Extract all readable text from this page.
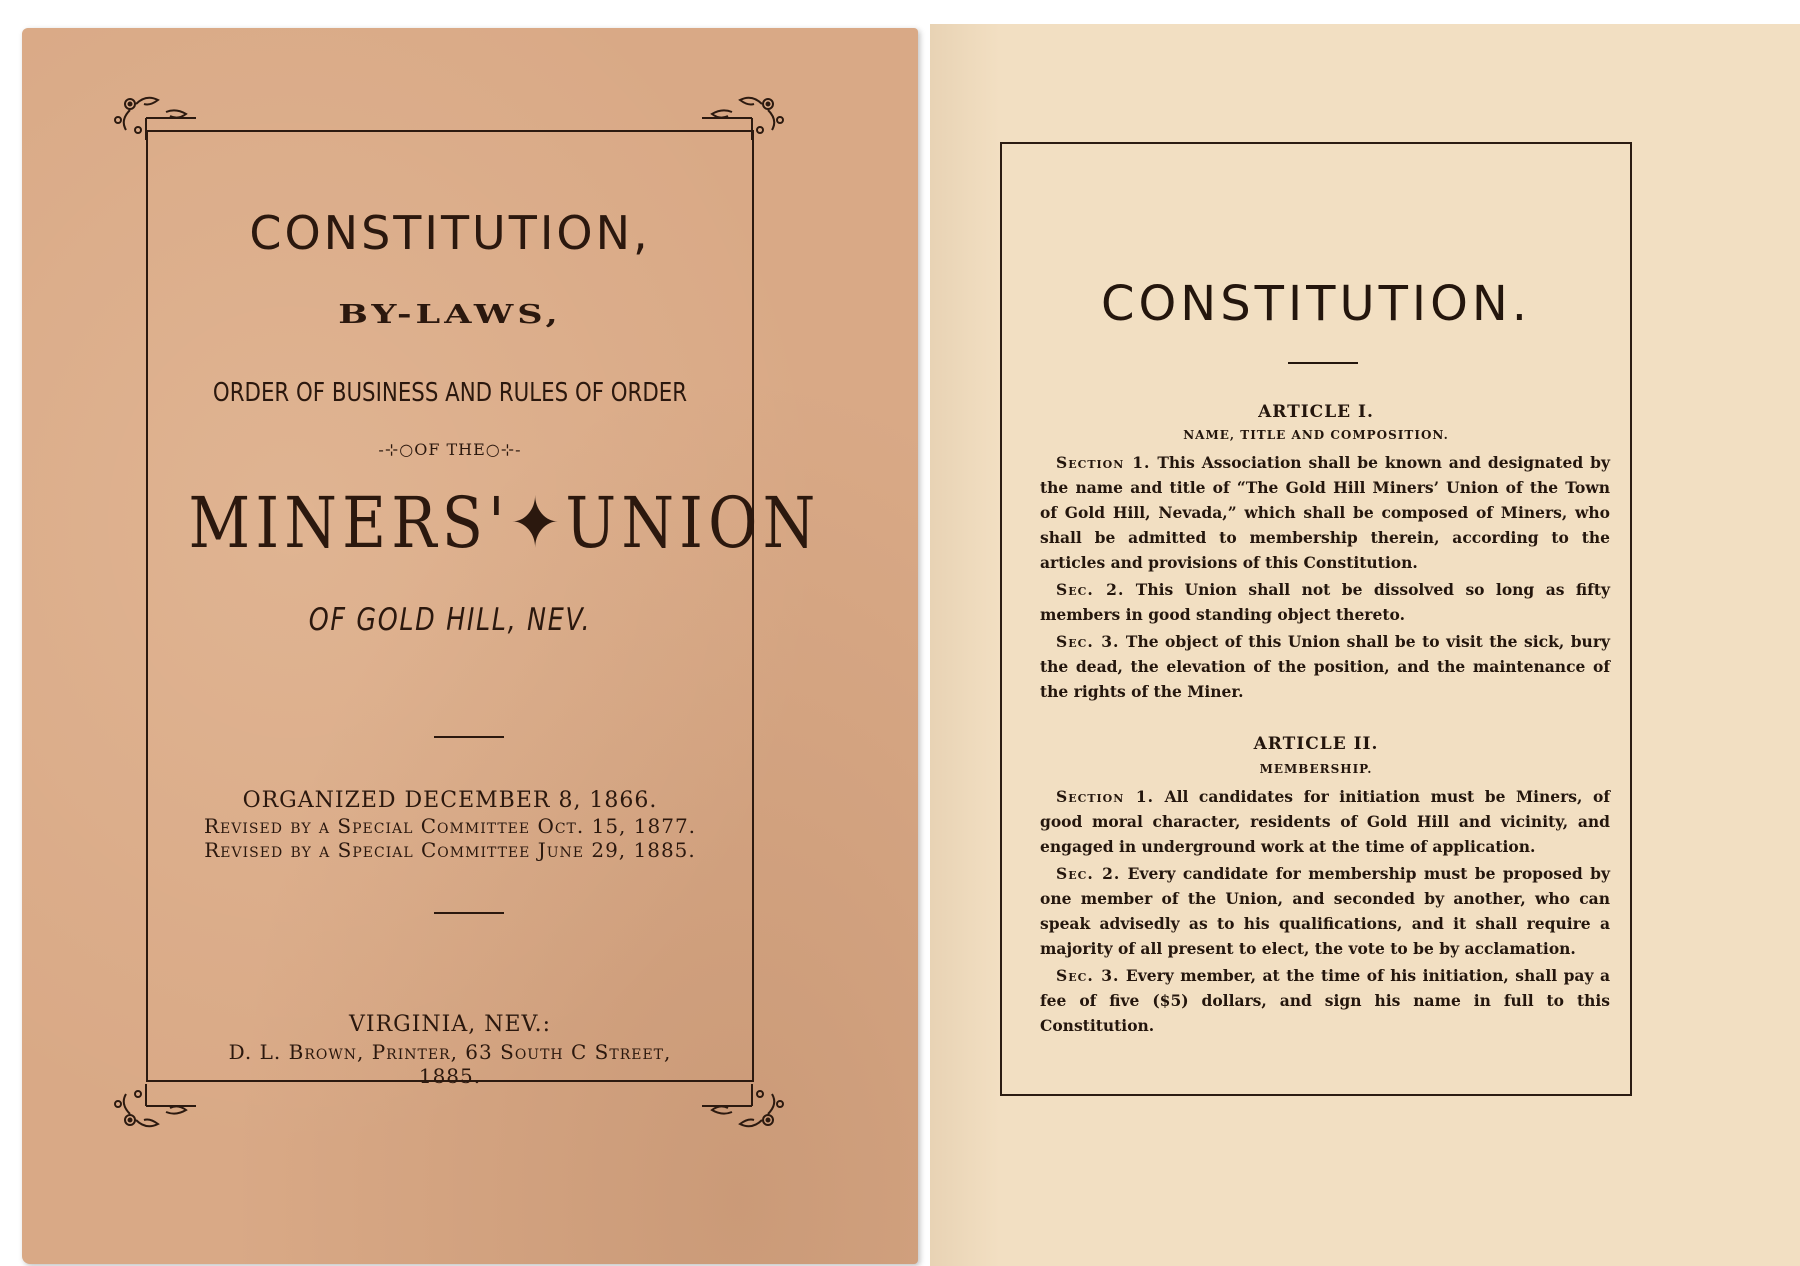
CONSTITUTION,
BY-LAWS,
ORDER OF BUSINESS AND RULES OF ORDER
-⊹○OF THE○⊹-
MINERS'✦UNION
OF GOLD HILL, NEV.
ORGANIZED DECEMBER 8, 1866.
Revised by a Special Committee Oct. 15, 1877.
Revised by a Special Committee June 29, 1885.
VIRGINIA, NEV.:
D. L. Brown, Printer, 63 South C Street,
1885.
CONSTITUTION.
ARTICLE I.
NAME, TITLE AND COMPOSITION.

Section 1. This Association shall be known and designated by the name and title of “The Gold Hill Miners’ Union of the Town of Gold Hill, Nevada,” which shall be composed of Miners, who shall be admitted to membership therein, according to the articles and provisions of this Constitution.

Sec. 2. This Union shall not be dissolved so long as fifty members in good standing object thereto.

Sec. 3. The object of this Union shall be to visit the sick, bury the dead, the elevation of the position, and the maintenance of the rights of the Miner.

ARTICLE II.
MEMBERSHIP.

Section 1. All candidates for initiation must be Miners, of good moral character, residents of Gold Hill and vicinity, and engaged in underground work at the time of application.

Sec. 2. Every candidate for membership must be proposed by one member of the Union, and seconded by another, who can speak advisedly as to his qualifications, and it shall require a majority of all present to elect, the vote to be by acclamation.

Sec. 3. Every member, at the time of his initiation, shall pay a fee of five ($5) dollars, and sign his name in full to this Constitution.
